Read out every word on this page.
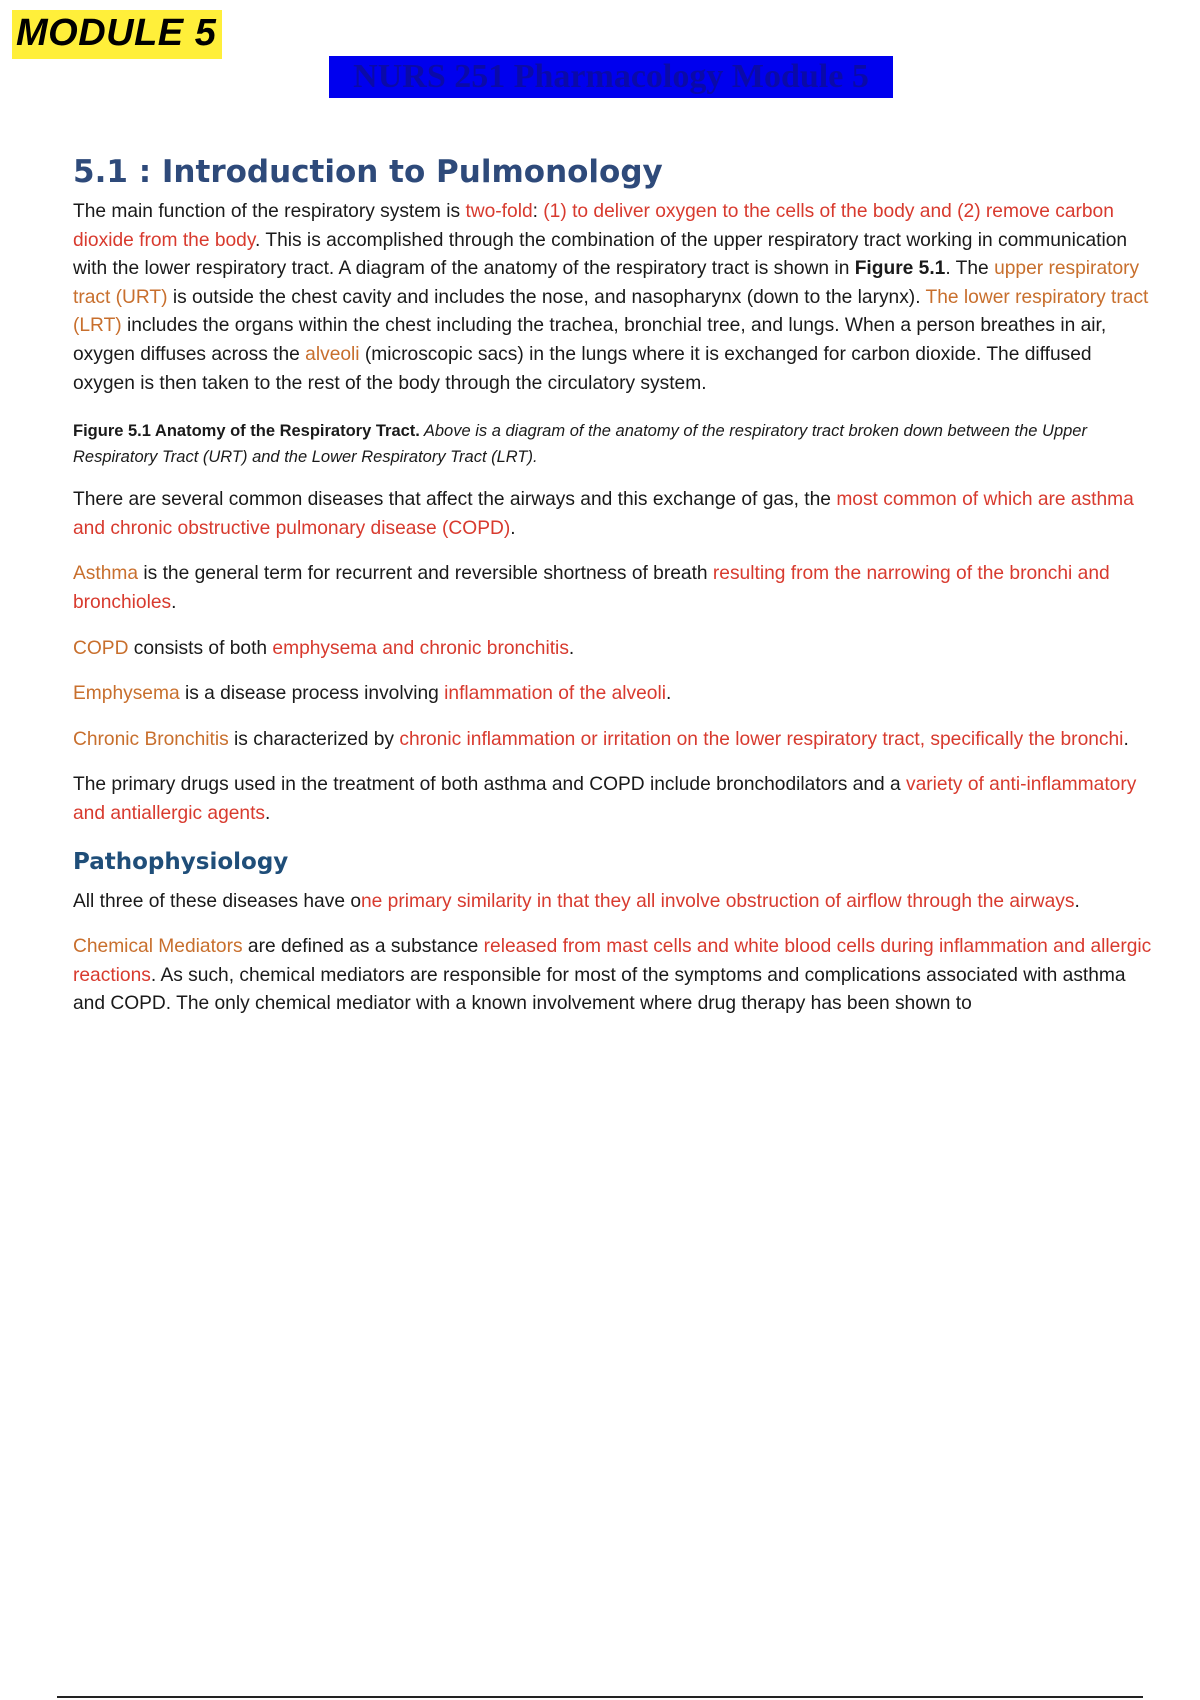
MODULE 5
NURS 251 Pharmacology Module 5
5.1 : Introduction to Pulmonology

The main function of the respiratory system is two-fold: (1) to deliver oxygen to the cells of the body and (2) remove carbon dioxide from the body. This is accomplished through the combination of the upper respiratory tract working in communication with the lower respiratory tract. A diagram of the anatomy of the respiratory tract is shown in Figure 5.1. The upper respiratory tract (URT) is outside the chest cavity and includes the nose, and nasopharynx (down to the larynx). The lower respiratory tract (LRT) includes the organs within the chest including the trachea, bronchial tree, and lungs. When a person breathes in air, oxygen diffuses across the alveoli (microscopic sacs) in the lungs where it is exchanged for carbon dioxide. The diffused oxygen is then taken to the rest of the body through the circulatory system.

Figure 5.1 Anatomy of the Respiratory Tract. Above is a diagram of the anatomy of the respiratory tract broken down between the Upper Respiratory Tract (URT) and the Lower Respiratory Tract (LRT).

There are several common diseases that affect the airways and this exchange of gas, the most common of which are asthma and chronic obstructive pulmonary disease (COPD).

Asthma is the general term for recurrent and reversible shortness of breath resulting from the narrowing of the bronchi and bronchioles.

COPD consists of both emphysema and chronic bronchitis.

Emphysema is a disease process involving inflammation of the alveoli.

Chronic Bronchitis is characterized by chronic inflammation or irritation on the lower respiratory tract, specifically the bronchi.

The primary drugs used in the treatment of both asthma and COPD include bronchodilators and a variety of anti-inflammatory and antiallergic agents.

Pathophysiology

All three of these diseases have one primary similarity in that they all involve obstruction of airflow through the airways.

Chemical Mediators are defined as a substance released from mast cells and white blood cells during inflammation and allergic reactions. As such, chemical mediators are responsible for most of the symptoms and complications associated with asthma and COPD. The only chemical mediator with a known involvement where drug therapy has been shown to
